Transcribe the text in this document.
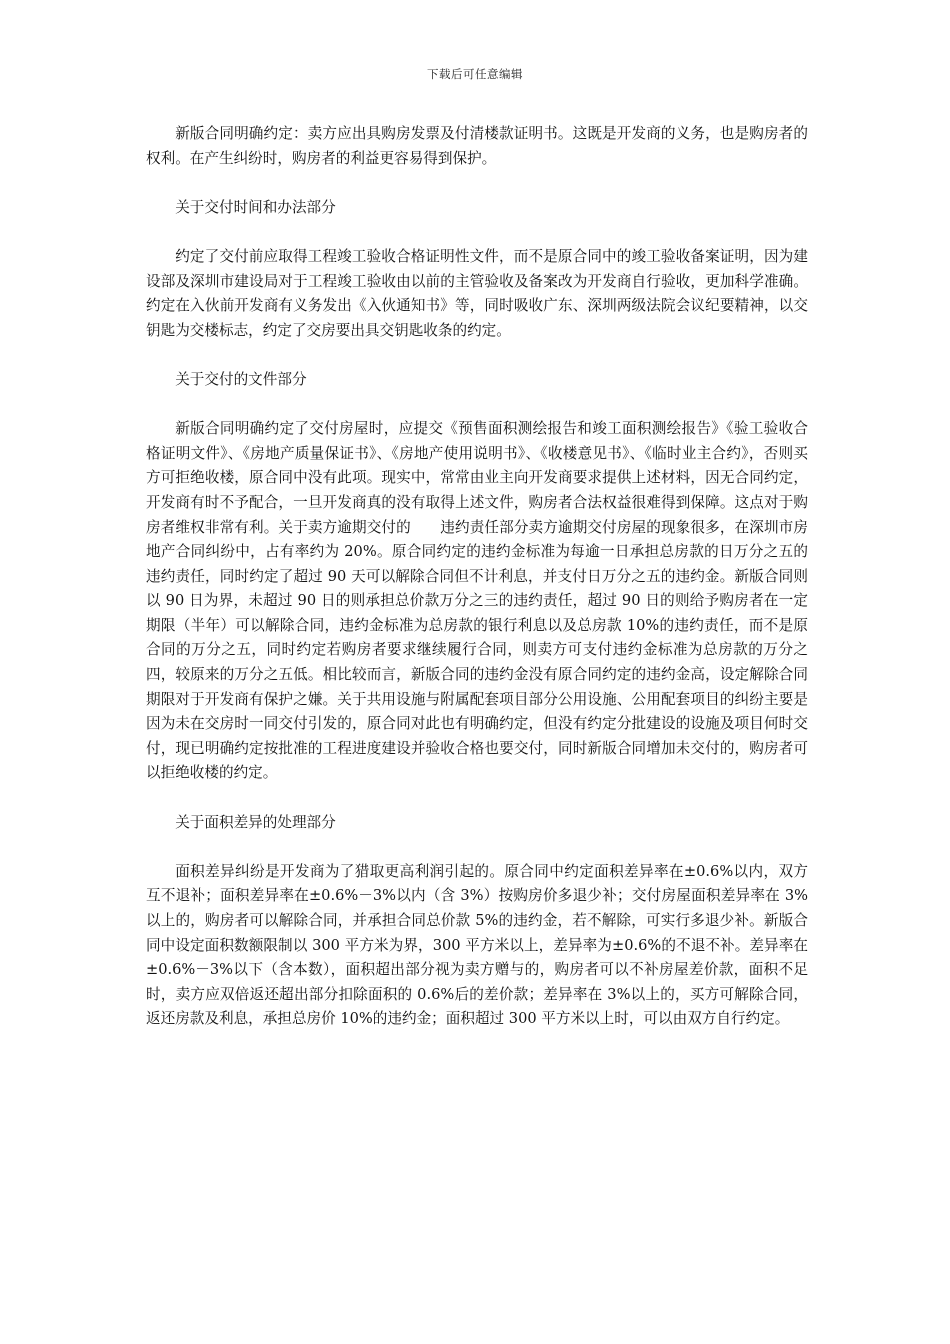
下载后可任意编辑

新版合同明确约定：卖方应出具购房发票及付清楼款证明书。这既是开发商的义务，也是购房者的权利。在产生纠纷时，购房者的利益更容易得到保护。

关于交付时间和办法部分

约定了交付前应取得工程竣工验收合格证明性文件，而不是原合同中的竣工验收备案证明，因为建设部及深圳市建设局对于工程竣工验收由以前的主管验收及备案改为开发商自行验收，更加科学准确。约定在入伙前开发商有义务发出《入伙通知书》等，同时吸收广东、深圳两级法院会议纪要精神，以交钥匙为交楼标志，约定了交房要出具交钥匙收条的约定。

关于交付的文件部分

新版合同明确约定了交付房屋时，应提交《预售面积测绘报告和竣工面积测绘报告》《验工验收合格证明文件》、《房地产质量保证书》、《房地产使用说明书》、《收楼意见书》、《临时业主合约》，否则买方可拒绝收楼，原合同中没有此项。现实中，常常由业主向开发商要求提供上述材料，因无合同约定，开发商有时不予配合，一旦开发商真的没有取得上述文件，购房者合法权益很难得到保障。这点对于购房者维权非常有利。关于卖方逾期交付的　　违约责任部分卖方逾期交付房屋的现象很多，在深圳市房地产合同纠纷中，占有率约为 20%。原合同约定的违约金标准为每逾一日承担总房款的日万分之五的违约责任，同时约定了超过 90 天可以解除合同但不计利息，并支付日万分之五的违约金。新版合同则以 90 日为界，未超过 90 日的则承担总价款万分之三的违约责任，超过 90 日的则给予购房者在一定期限（半年）可以解除合同，违约金标准为总房款的银行利息以及总房款 10%的违约责任，而不是原合同的万分之五，同时约定若购房者要求继续履行合同，则卖方可支付违约金标准为总房款的万分之四，较原来的万分之五低。相比较而言，新版合同的违约金没有原合同约定的违约金高，设定解除合同期限对于开发商有保护之嫌。关于共用设施与附属配套项目部分公用设施、公用配套项目的纠纷主要是因为未在交房时一同交付引发的，原合同对此也有明确约定，但没有约定分批建设的设施及项目何时交付，现已明确约定按批准的工程进度建设并验收合格也要交付，同时新版合同增加未交付的，购房者可以拒绝收楼的约定。

关于面积差异的处理部分

面积差异纠纷是开发商为了猎取更高利润引起的。原合同中约定面积差异率在±0.6%以内，双方互不退补；面积差异率在±0.6%－3%以内（含 3%）按购房价多退少补；交付房屋面积差异率在 3%以上的，购房者可以解除合同，并承担合同总价款 5%的违约金，若不解除，可实行多退少补。新版合同中设定面积数额限制以 300 平方米为界，300 平方米以上，差异率为±0.6%的不退不补。差异率在±0.6%－3%以下（含本数），面积超出部分视为卖方赠与的，购房者可以不补房屋差价款，面积不足时，卖方应双倍返还超出部分扣除面积的 0.6%后的差价款；差异率在 3%以上的，买方可解除合同，返还房款及利息，承担总房价 10%的违约金；面积超过 300 平方米以上时，可以由双方自行约定。
